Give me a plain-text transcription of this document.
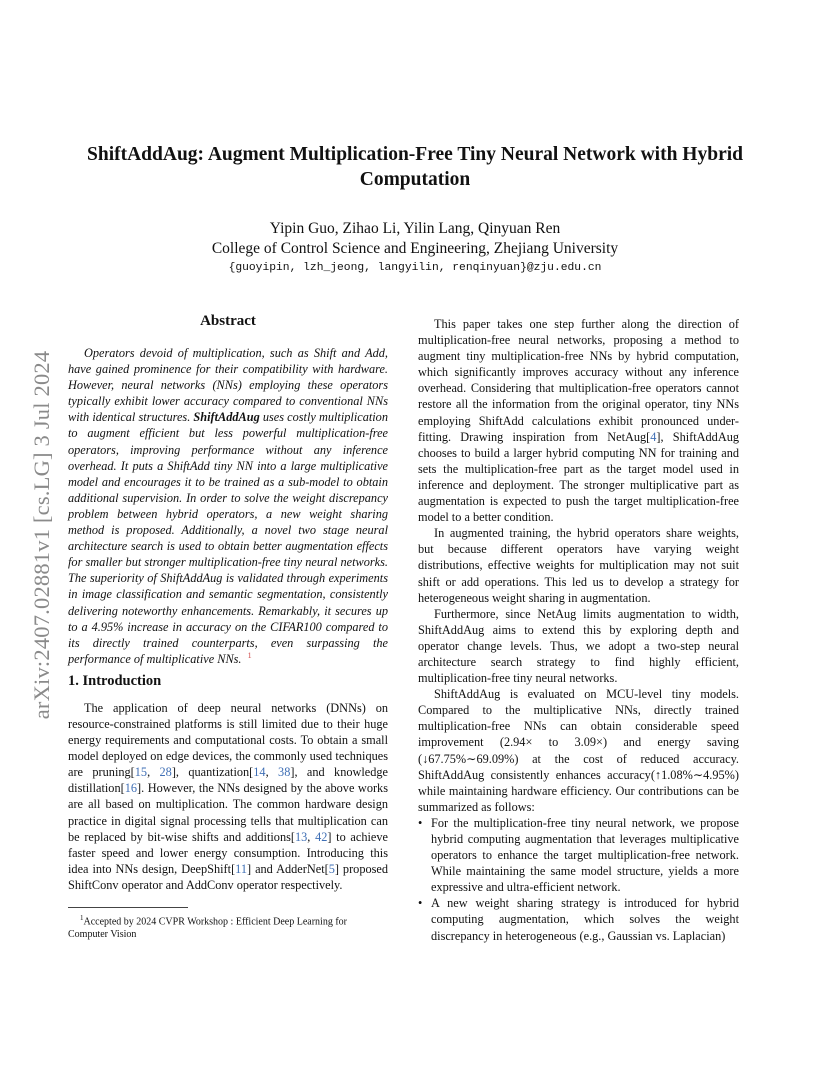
arXiv:2407.02881v1 [cs.LG] 3 Jul 2024
ShiftAddAug: Augment Multiplication-Free Tiny Neural Network with Hybrid Computation
Yipin Guo, Zihao Li, Yilin Lang, Qinyuan Ren
College of Control Science and Engineering, Zhejiang University
{guoyipin, lzh_jeong, langyilin, renqinyuan}@zju.edu.cn
Abstract

Operators devoid of multiplication, such as Shift and Add, have gained prominence for their compatibility with hardware. However, neural networks (NNs) employing these operators typically exhibit lower accuracy compared to conventional NNs with identical structures. ShiftAddAug uses costly multiplication to augment efficient but less powerful multiplication-free operators, improving performance without any inference overhead. It puts a ShiftAdd tiny NN into a large multiplicative model and encourages it to be trained as a sub-model to obtain additional supervision. In order to solve the weight discrepancy problem between hybrid operators, a new weight sharing method is proposed. Additionally, a novel two stage neural architecture search is used to obtain better augmentation effects for smaller but stronger multiplication-free tiny neural networks. The superiority of ShiftAddAug is validated through experiments in image classification and semantic segmentation, consistently delivering noteworthy enhancements. Remarkably, it secures up to a 4.95% increase in accuracy on the CIFAR100 compared to its directly trained counterparts, even surpassing the performance of multiplicative NNs. $^1$

1. Introduction

The application of deep neural networks (DNNs) on resource-constrained platforms is still limited due to their huge energy requirements and computational costs. To obtain a small model deployed on edge devices, the commonly used techniques are pruning[15, 28], quantization[14, 38], and knowledge distillation[16]. However, the NNs designed by the above works are all based on multiplication. The common hardware design practice in digital signal processing tells that multiplication can be replaced by bit-wise shifts and additions[13, 42] to achieve faster speed and lower energy consumption. Introducing this idea into NNs design, DeepShift[11] and AdderNet[5] proposed ShiftConv operator and AddConv operator respectively.

$^1$Accepted by 2024 CVPR Workshop : Efficient Deep Learning for Computer Vision

This paper takes one step further along the direction of multiplication-free neural networks, proposing a method to augment tiny multiplication-free NNs by hybrid computation, which significantly improves accuracy without any inference overhead. Considering that multiplication-free operators cannot restore all the information from the original operator, tiny NNs employing ShiftAdd calculations exhibit pronounced under-fitting. Drawing inspiration from NetAug[4], ShiftAddAug chooses to build a larger hybrid computing NN for training and sets the multiplication-free part as the target model used in inference and deployment. The stronger multiplicative part as augmentation is expected to push the target multiplication-free model to a better condition.

In augmented training, the hybrid operators share weights, but because different operators have varying weight distributions, effective weights for multiplication may not suit shift or add operations. This led us to develop a strategy for heterogeneous weight sharing in augmentation.

Furthermore, since NetAug limits augmentation to width, ShiftAddAug aims to extend this by exploring depth and operator change levels. Thus, we adopt a two-step neural architecture search strategy to find highly efficient, multiplication-free tiny neural networks.

ShiftAddAug is evaluated on MCU-level tiny models. Compared to the multiplicative NNs, directly trained multiplication-free NNs can obtain considerable speed improvement (2.94× to 3.09×) and energy saving (↓67.75%∼69.09%) at the cost of reduced accuracy. ShiftAddAug consistently enhances accuracy(↑1.08%∼4.95%) while maintaining hardware efficiency. Our contributions can be summarized as follows:

• For the multiplication-free tiny neural network, we propose hybrid computing augmentation that leverages multiplicative operators to enhance the target multiplication-free network. While maintaining the same model structure, yields a more expressive and ultra-efficient network.

• A new weight sharing strategy is introduced for hybrid computing augmentation, which solves the weight discrepancy in heterogeneous (e.g., Gaussian vs. Laplacian)
